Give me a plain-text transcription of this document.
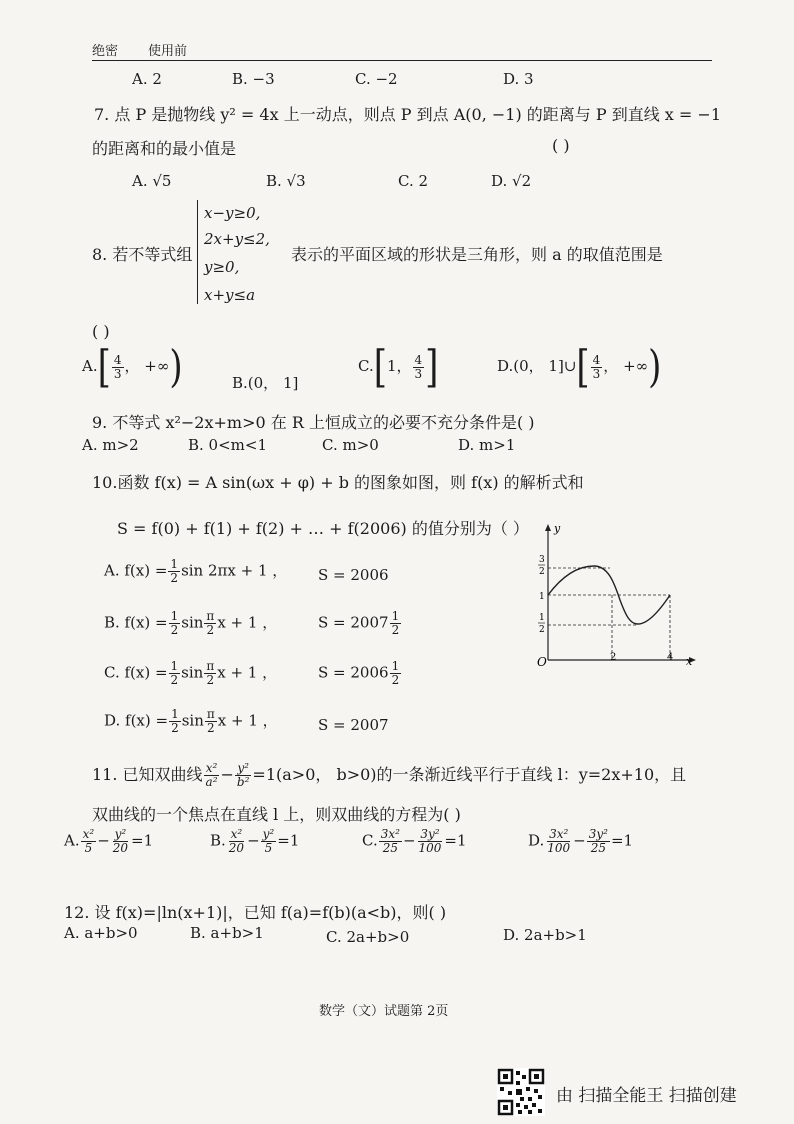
绝密 使用前
A. 2	B. −3	C. −2	D. 3
7. 点 P 是抛物线 y² = 4x 上一动点，则点 P 到点 A(0, −1) 的距离与 P 到直线 x = −1
的距离和的最小值是	( )
A. √5	B. √3	C. 2	D. √2
8. 若不等式组
x−y≥0,
2x+y≤2,
y≥0,
x+y≤a
表示的平面区域的形状是三角形，则 a 的取值范围是
( )
$A.[ \frac{4}{3}$ ， +∞)	B.(0， 1]
C.[1， $\frac{4}{3}$ ]	D.(0， 1]∪[ $\frac{4}{3}$ ， +∞)
9. 不等式 x²−2x+m>0 在 R 上恒成立的必要不充分条件是( )
A. m>2	B. 0<m<1	C. m>0	D. m>1
10.函数 f(x) = A sin(ωx + φ) + b 的图象如图，则 f(x) 的解析式和
S = f(0) + f(1) + f(2) + … + f(2006) 的值分别为（ ）
A. $f(x) = \frac{1}{2}$ sin 2πx + 1 ， S = 2006
B. $f(x) = \frac{1}{2}$ $\sin \frac{\pi}{2}$ x + 1 ，	$S = 2007 \frac{1}{2}$
C. $f(x) = \frac{1}{2}$ $\sin \frac{\pi}{2}$ x + 1 ，	$S = 2006 \frac{1}{2}$
D. $f(x) = \frac{1}{2}$ $\sin \frac{\pi}{2}$ x + 1 ，	S = 2007
y
x
O
3
2
1
1
2
2	4
11. 已知双曲线 $\frac{\text{x²}}{\text{a²}} - \frac{\text{y²}}{\text{b²}} =1(a>0$， b>0)的一条渐近线平行于直线 l：y=2x+10，且
双曲线的一个焦点在直线 l 上，则双曲线的方程为( )
A. $\frac{\text{x²}}{5} - \frac{\text{y²}}{20} =1$	B. $\frac{\text{x²}}{20} - \frac{\text{y²}}{5} =1$	C. $\frac{\text{3x²}}{25} - \frac{\text{3y²}}{100} =1$	D. $\frac{\text{3x²}}{100} - \frac{\text{3y²}}{25} =1$
12. 设 f(x)=|ln(x+1)|，已知 f(a)=f(b)(a<b)，则( )
A. a+b>0	B. a+b>1	C. 2a+b>0	D. 2a+b>1
数学（文）试题第 2页
由 扫描全能王 扫描创建
